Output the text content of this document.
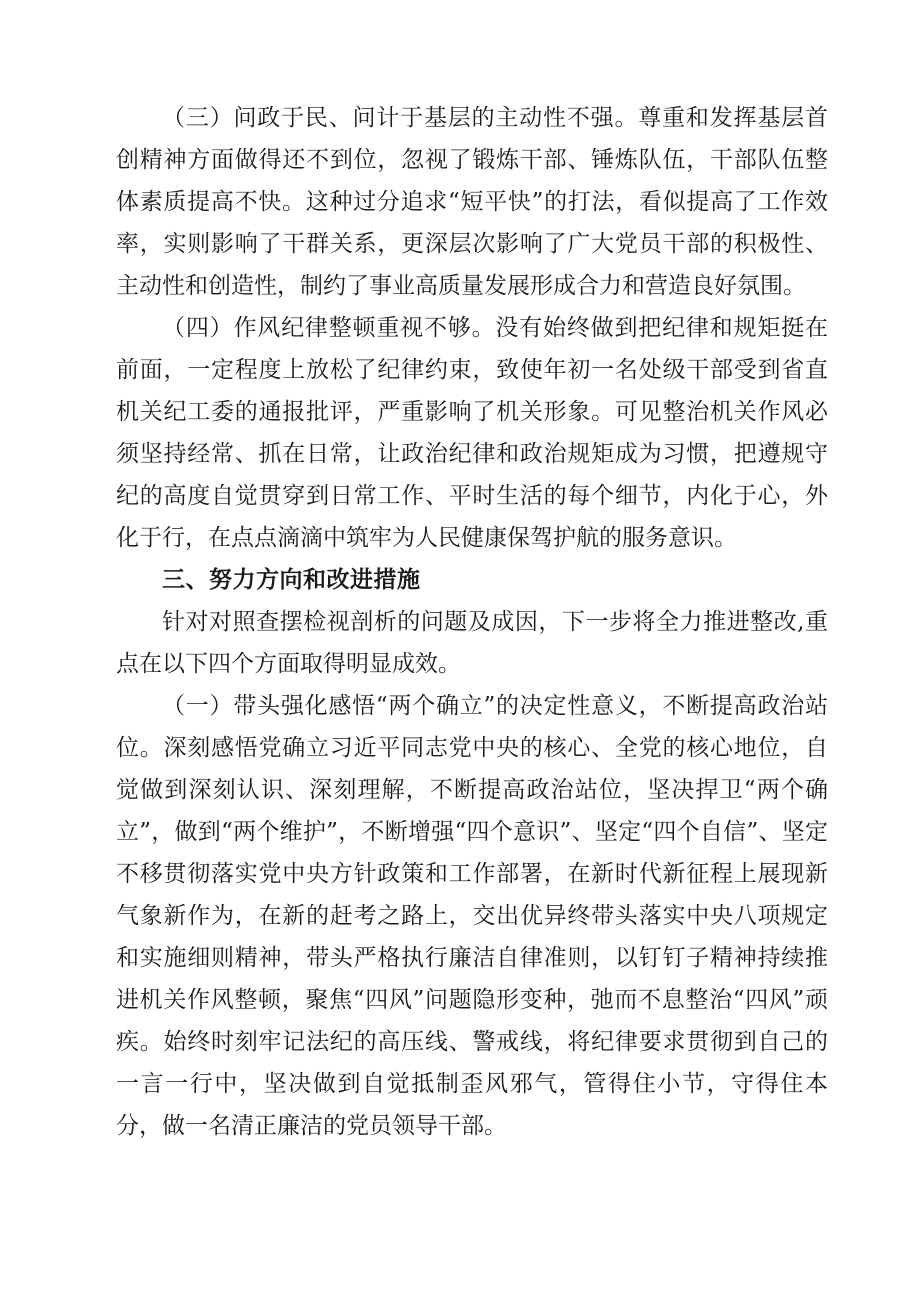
（三）问政于民、问计于基层的主动性不强。尊重和发挥基层首创精神方面做得还不到位，忽视了锻炼干部、锤炼队伍，干部队伍整体素质提高不快。这种过分追求“短平快”的打法，看似提高了工作效率，实则影响了干群关系，更深层次影响了广大党员干部的积极性、主动性和创造性，制约了事业高质量发展形成合力和营造良好氛围。

（四）作风纪律整顿重视不够。没有始终做到把纪律和规矩挺在前面，一定程度上放松了纪律约束，致使年初一名处级干部受到省直机关纪工委的通报批评，严重影响了机关形象。可见整治机关作风必须坚持经常、抓在日常，让政治纪律和政治规矩成为习惯，把遵规守纪的高度自觉贯穿到日常工作、平时生活的每个细节，内化于心，外化于行，在点点滴滴中筑牢为人民健康保驾护航的服务意识。

三、努力方向和改进措施

针对对照查摆检视剖析的问题及成因，下一步将全力推进整改,重点在以下四个方面取得明显成效。

（一）带头强化感悟“两个确立”的决定性意义，不断提高政治站位。深刻感悟党确立习近平同志党中央的核心、全党的核心地位，自觉做到深刻认识、深刻理解，不断提高政治站位，坚决捍卫“两个确立”，做到“两个维护”，不断增强“四个意识”、坚定“四个自信”、坚定不移贯彻落实党中央方针政策和工作部署，在新时代新征程上展现新气象新作为，在新的赶考之路上，交出优异终带头落实中央八项规定和实施细则精神，带头严格执行廉洁自律准则，以钉钉子精神持续推进机关作风整顿，聚焦“四风”问题隐形变种，弛而不息整治“四风”顽疾。始终时刻牢记法纪的高压线、警戒线，将纪律要求贯彻到自己的一言一行中，坚决做到自觉抵制歪风邪气，管得住小节，守得住本分，做一名清正廉洁的党员领导干部。
